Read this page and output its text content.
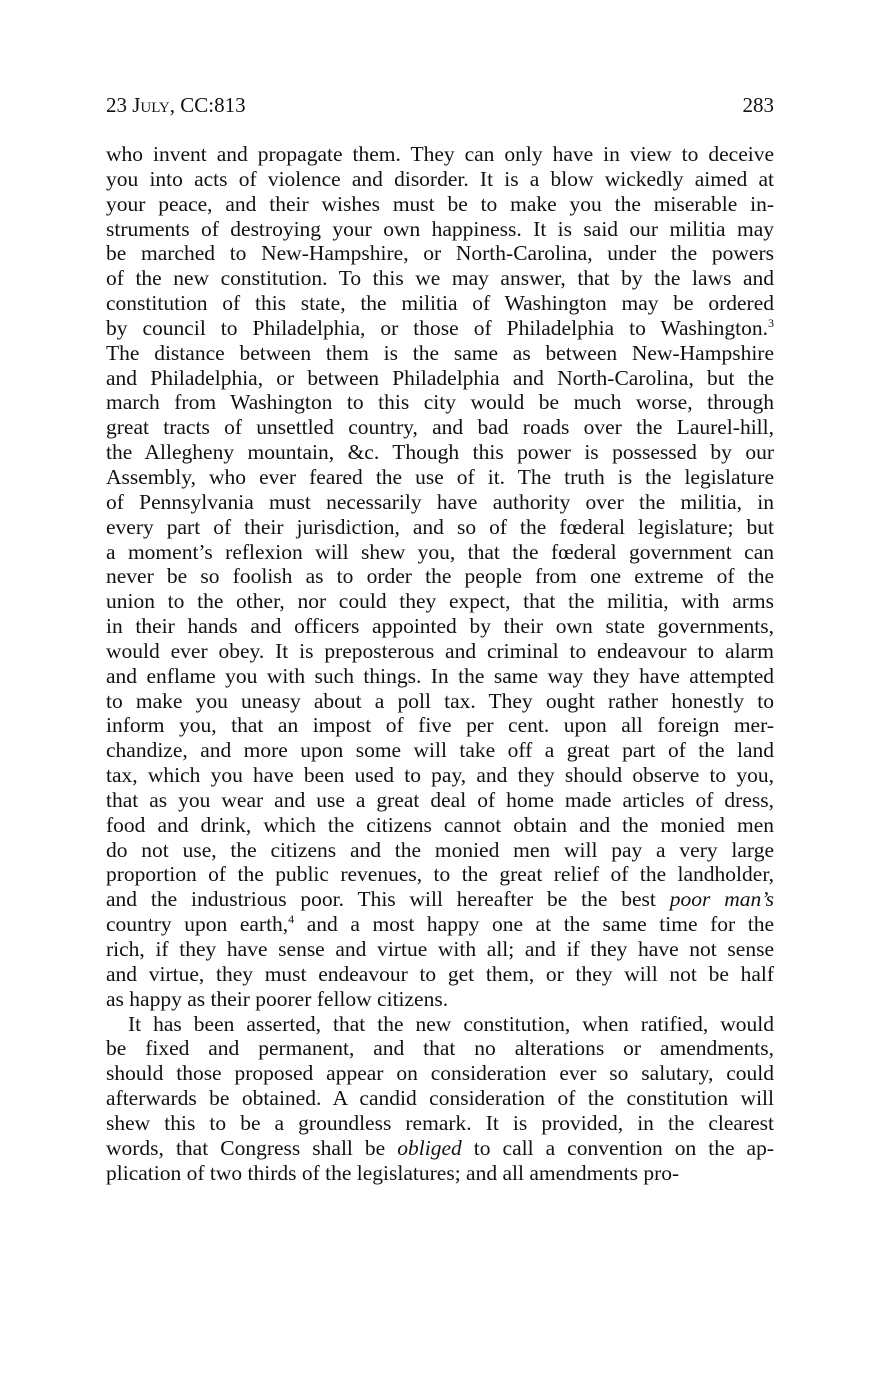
23 July, CC:813	283
who invent and propagate them. They can only have in view to deceive
you into acts of violence and disorder. It is a blow wickedly aimed at
your peace, and their wishes must be to make you the miserable in-
struments of destroying your own happiness. It is said our militia may
be marched to New-Hampshire, or North-Carolina, under the powers
of the new constitution. To this we may answer, that by the laws and
constitution of this state, the militia of Washington may be ordered
by council to Philadelphia, or those of Philadelphia to Washington.$^3$
The distance between them is the same as between New-Hampshire
and Philadelphia, or between Philadelphia and North-Carolina, but the
march from Washington to this city would be much worse, through
great tracts of unsettled country, and bad roads over the Laurel-hill,
the Allegheny mountain, &c. Though this power is possessed by our
Assembly, who ever feared the use of it. The truth is the legislature
of Pennsylvania must necessarily have authority over the militia, in
every part of their jurisdiction, and so of the fœderal legislature; but
a moment’s reflexion will shew you, that the fœderal government can
never be so foolish as to order the people from one extreme of the
union to the other, nor could they expect, that the militia, with arms
in their hands and officers appointed by their own state governments,
would ever obey. It is preposterous and criminal to endeavour to alarm
and enflame you with such things. In the same way they have attempted
to make you uneasy about a poll tax. They ought rather honestly to
inform you, that an impost of five per cent. upon all foreign mer-
chandize, and more upon some will take off a great part of the land
tax, which you have been used to pay, and they should observe to you,
that as you wear and use a great deal of home made articles of dress,
food and drink, which the citizens cannot obtain and the monied men
do not use, the citizens and the monied men will pay a very large
proportion of the public revenues, to the great relief of the landholder,
and the industrious poor. This will hereafter be the best poor man’s
country upon earth,$^4$ and a most happy one at the same time for the
rich, if they have sense and virtue with all; and if they have not sense
and virtue, they must endeavour to get them, or they will not be half
as happy as their poorer fellow citizens.
It has been asserted, that the new constitution, when ratified, would
be fixed and permanent, and that no alterations or amendments,
should those proposed appear on consideration ever so salutary, could
afterwards be obtained. A candid consideration of the constitution will
shew this to be a groundless remark. It is provided, in the clearest
words, that Congress shall be obliged to call a convention on the ap-
plication of two thirds of the legislatures; and all amendments pro-
